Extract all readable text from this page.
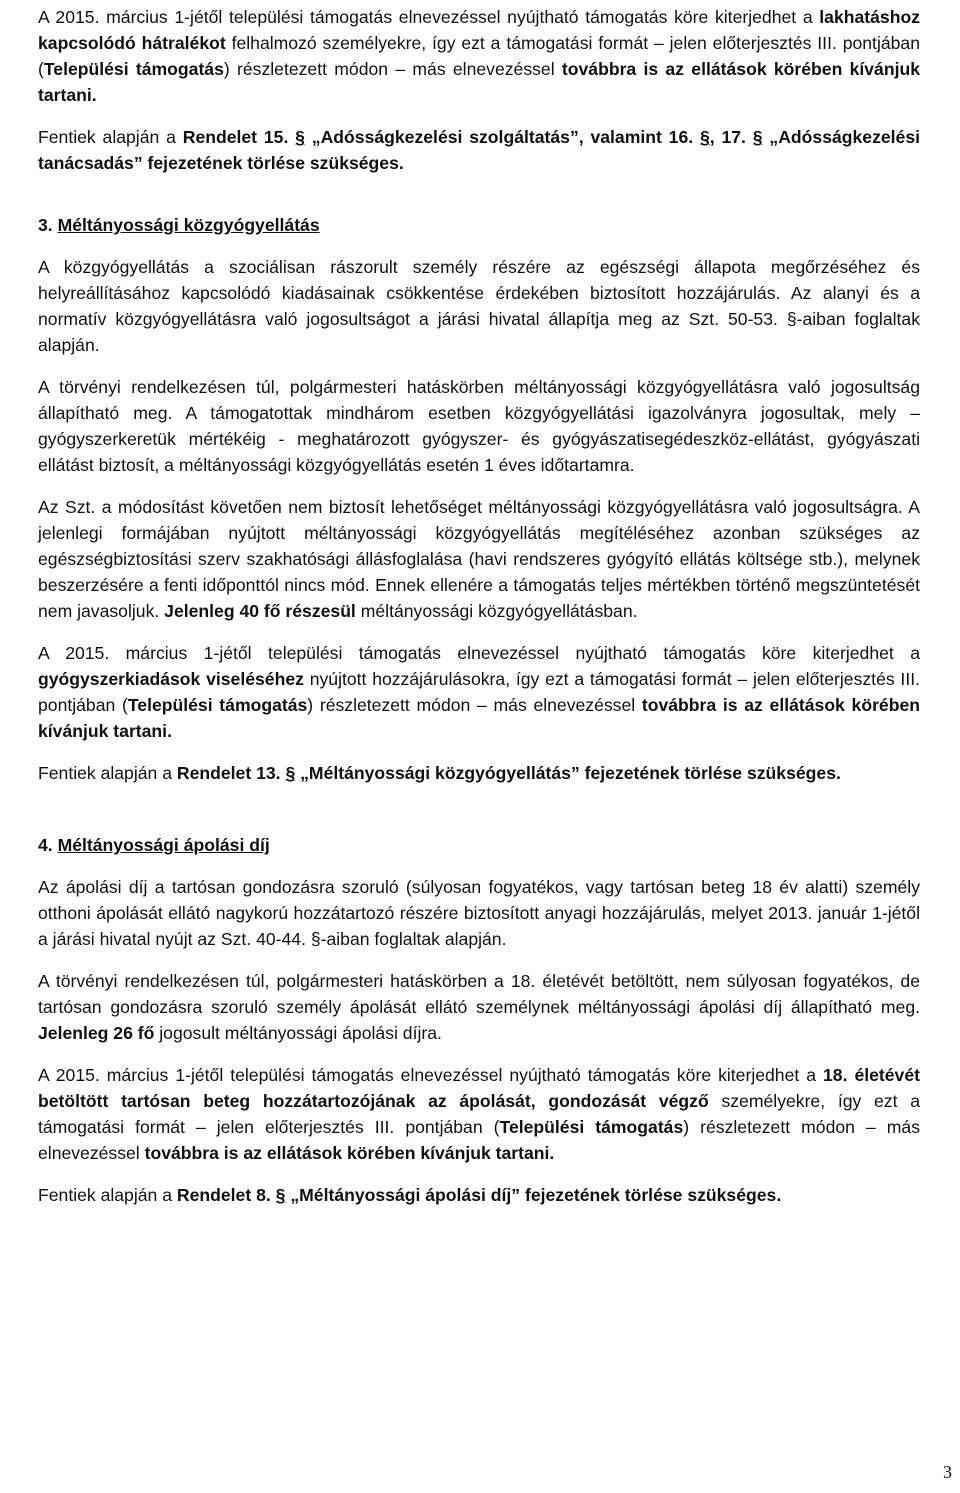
A 2015. március 1-jétől települési támogatás elnevezéssel nyújtható támogatás köre kiterjedhet a lakhatáshoz kapcsolódó hátralékot felhalmozó személyekre, így ezt a támogatási formát – jelen előterjesztés III. pontjában (Települési támogatás) részletezett módon – más elnevezéssel továbbra is az ellátások körében kívánjuk tartani.

Fentiek alapján a Rendelet 15. § „Adósságkezelési szolgáltatás”, valamint 16. §, 17. § „Adósságkezelési tanácsadás” fejezetének törlése szükséges.

3. Méltányossági közgyógyellátás

A közgyógyellátás a szociálisan rászorult személy részére az egészségi állapota megőrzéséhez és helyreállításához kapcsolódó kiadásainak csökkentése érdekében biztosított hozzájárulás. Az alanyi és a normatív közgyógyellátásra való jogosultságot a járási hivatal állapítja meg az Szt. 50-53. §-aiban foglaltak alapján.

A törvényi rendelkezésen túl, polgármesteri hatáskörben méltányossági közgyógyellátásra való jogosultság állapítható meg. A támogatottak mindhárom esetben közgyógyellátási igazolványra jogosultak, mely – gyógyszerkeretük mértékéig - meghatározott gyógyszer- és gyógyászatisegédeszköz-ellátást, gyógyászati ellátást biztosít, a méltányossági közgyógyellátás esetén 1 éves időtartamra.

Az Szt. a módosítást követően nem biztosít lehetőséget méltányossági közgyógyellátásra való jogosultságra. A jelenlegi formájában nyújtott méltányossági közgyógyellátás megítéléséhez azonban szükséges az egészségbiztosítási szerv szakhatósági állásfoglalása (havi rendszeres gyógyító ellátás költsége stb.), melynek beszerzésére a fenti időponttól nincs mód. Ennek ellenére a támogatás teljes mértékben történő megszüntetését nem javasoljuk. Jelenleg 40 fő részesül méltányossági közgyógyellátásban.

A 2015. március 1-jétől települési támogatás elnevezéssel nyújtható támogatás köre kiterjedhet a gyógyszerkiadások viseléséhez nyújtott hozzájárulásokra, így ezt a támogatási formát – jelen előterjesztés III. pontjában (Települési támogatás) részletezett módon – más elnevezéssel továbbra is az ellátások körében kívánjuk tartani.

Fentiek alapján a Rendelet 13. § „Méltányossági közgyógyellátás” fejezetének törlése szükséges.

4. Méltányossági ápolási díj

Az ápolási díj a tartósan gondozásra szoruló (súlyosan fogyatékos, vagy tartósan beteg 18 év alatti) személy otthoni ápolását ellátó nagykorú hozzátartozó részére biztosított anyagi hozzájárulás, melyet 2013. január 1-jétől a járási hivatal nyújt az Szt. 40-44. §-aiban foglaltak alapján.

A törvényi rendelkezésen túl, polgármesteri hatáskörben a 18. életévét betöltött, nem súlyosan fogyatékos, de tartósan gondozásra szoruló személy ápolását ellátó személynek méltányossági ápolási díj állapítható meg. Jelenleg 26 fő jogosult méltányossági ápolási díjra.

A 2015. március 1-jétől települési támogatás elnevezéssel nyújtható támogatás köre kiterjedhet a 18. életévét betöltött tartósan beteg hozzátartozójának az ápolását, gondozását végző személyekre, így ezt a támogatási formát – jelen előterjesztés III. pontjában (Települési támogatás) részletezett módon – más elnevezéssel továbbra is az ellátások körében kívánjuk tartani.

Fentiek alapján a Rendelet 8. § „Méltányossági ápolási díj” fejezetének törlése szükséges.

3
